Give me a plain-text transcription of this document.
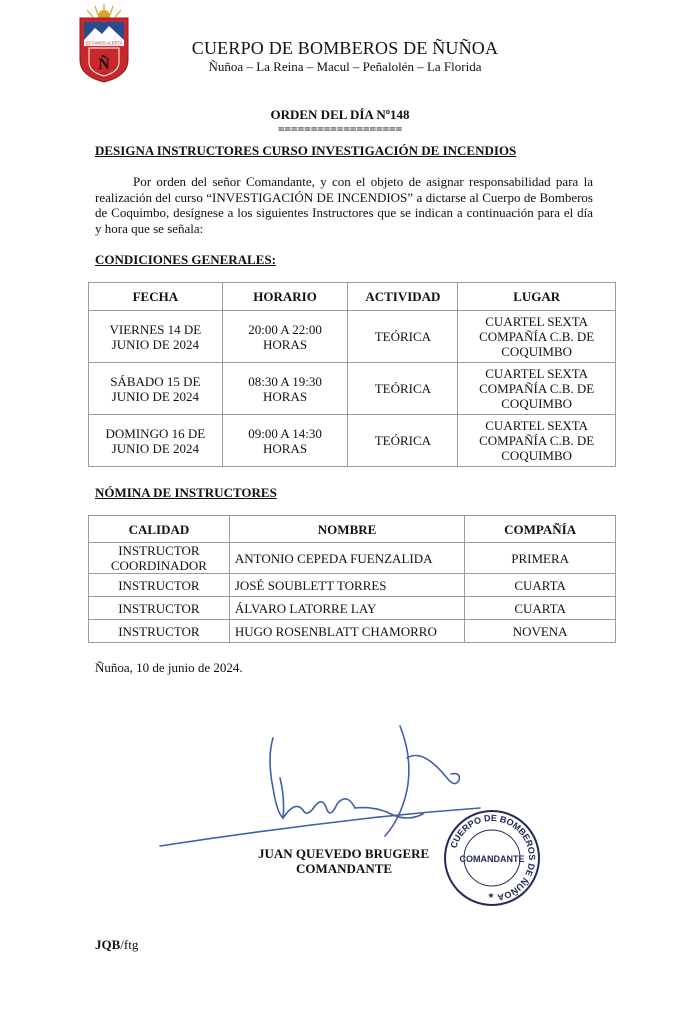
ESTAMOS ALERTA
Ñ
CUERPO DE BOMBEROS DE ÑUÑOA
Ñuñoa – La Reina – Macul – Peñalolén – La Florida
ORDEN DEL DÍA Nº148
===================
DESIGNA INSTRUCTORES CURSO INVESTIGACIÓN DE INCENDIOS
Por orden del señor Comandante, y con el objeto de asignar responsabilidad para la realización del curso “INVESTIGACIÓN DE INCENDIOS” a dictarse al Cuerpo de Bomberos de Coquimbo, desígnese a los siguientes Instructores que se indican a continuación para el día y hora que se señala:
CONDICIONES GENERALES:
FECHA	HORARIO	ACTIVIDAD	LUGAR
VIERNES 14 DE JUNIO DE 2024	20:00 A 22:00 HORAS	TEÓRICA	CUARTEL SEXTA COMPAÑÍA C.B. DE COQUIMBO
SÁBADO 15 DE JUNIO DE 2024	08:30 A 19:30 HORAS	TEÓRICA	CUARTEL SEXTA COMPAÑÍA C.B. DE COQUIMBO
DOMINGO 16 DE JUNIO DE 2024	09:00 A 14:30 HORAS	TEÓRICA	CUARTEL SEXTA COMPAÑÍA C.B. DE COQUIMBO
NÓMINA DE INSTRUCTORES
CALIDAD	NOMBRE	COMPAÑÍA
INSTRUCTOR COORDINADOR	ANTONIO CEPEDA FUENZALIDA	PRIMERA
INSTRUCTOR	JOSÉ SOUBLETT TORRES	CUARTA
INSTRUCTOR	ÁLVARO LATORRE LAY	CUARTA
INSTRUCTOR	HUGO ROSENBLATT CHAMORRO	NOVENA
Ñuñoa, 10 de junio de 2024.
JUAN QUEVEDO BRUGERE
COMANDANTE
CUERPO DE BOMBEROS DE ÑUÑOA
COMANDANTE
★
JQB/ftg
